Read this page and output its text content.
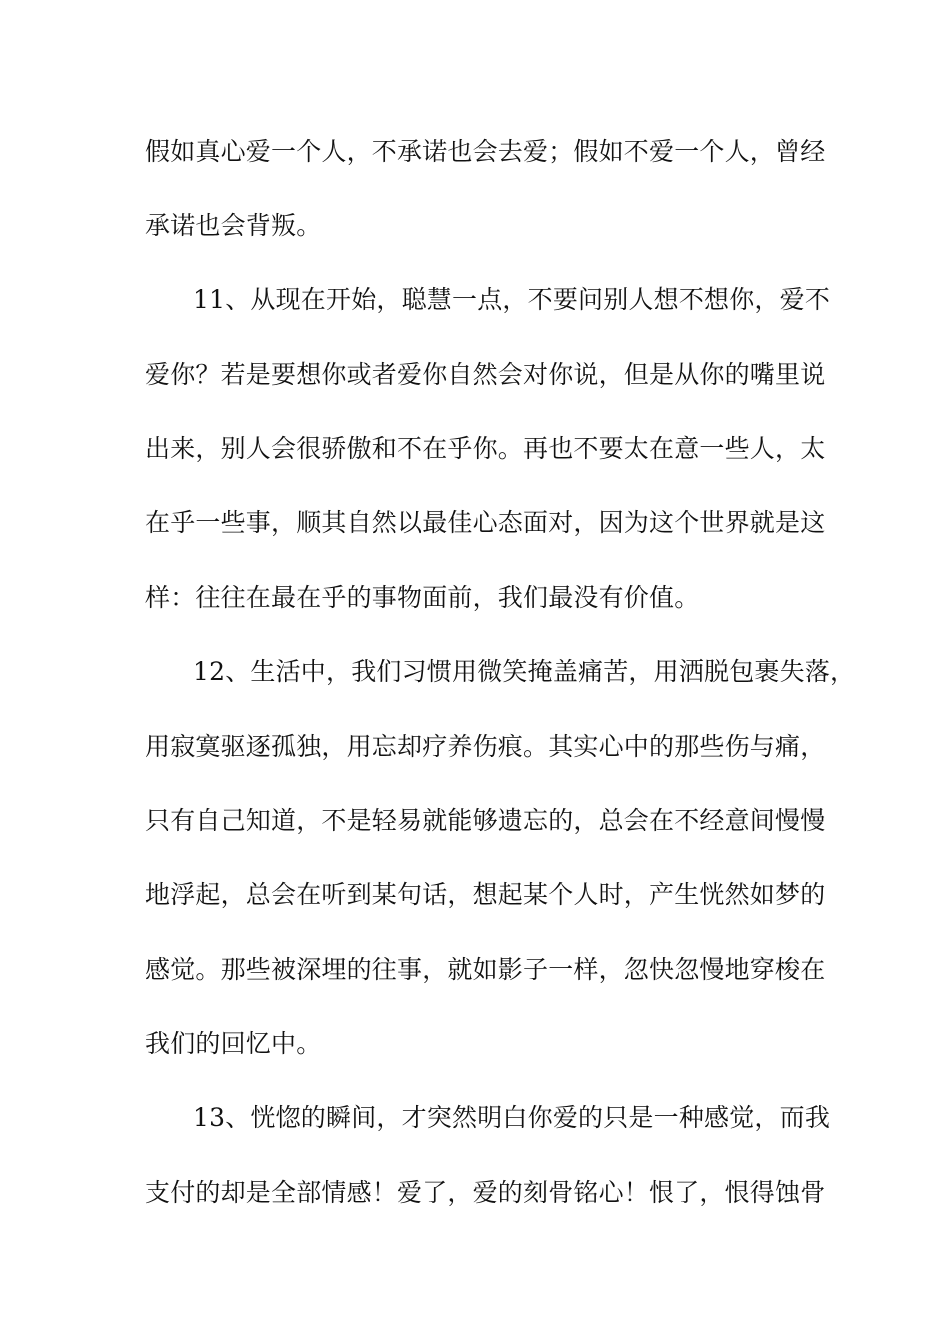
假如真心爱一个人，不承诺也会去爱；假如不爱一个人，曾经
承诺也会背叛。
11、从现在开始，聪慧一点，不要问别人想不想你，爱不
爱你？若是要想你或者爱你自然会对你说，但是从你的嘴里说
出来，别人会很骄傲和不在乎你。再也不要太在意一些人，太
在乎一些事，顺其自然以最佳心态面对，因为这个世界就是这
样：往往在最在乎的事物面前，我们最没有价值。
12、生活中，我们习惯用微笑掩盖痛苦，用洒脱包裹失落，
用寂寞驱逐孤独，用忘却疗养伤痕。其实心中的那些伤与痛，
只有自己知道，不是轻易就能够遗忘的，总会在不经意间慢慢
地浮起，总会在听到某句话，想起某个人时，产生恍然如梦的
感觉。那些被深埋的往事，就如影子一样，忽快忽慢地穿梭在
我们的回忆中。
13、恍惚的瞬间，才突然明白你爱的只是一种感觉，而我
支付的却是全部情感！爱了，爱的刻骨铭心！恨了，恨得蚀骨
